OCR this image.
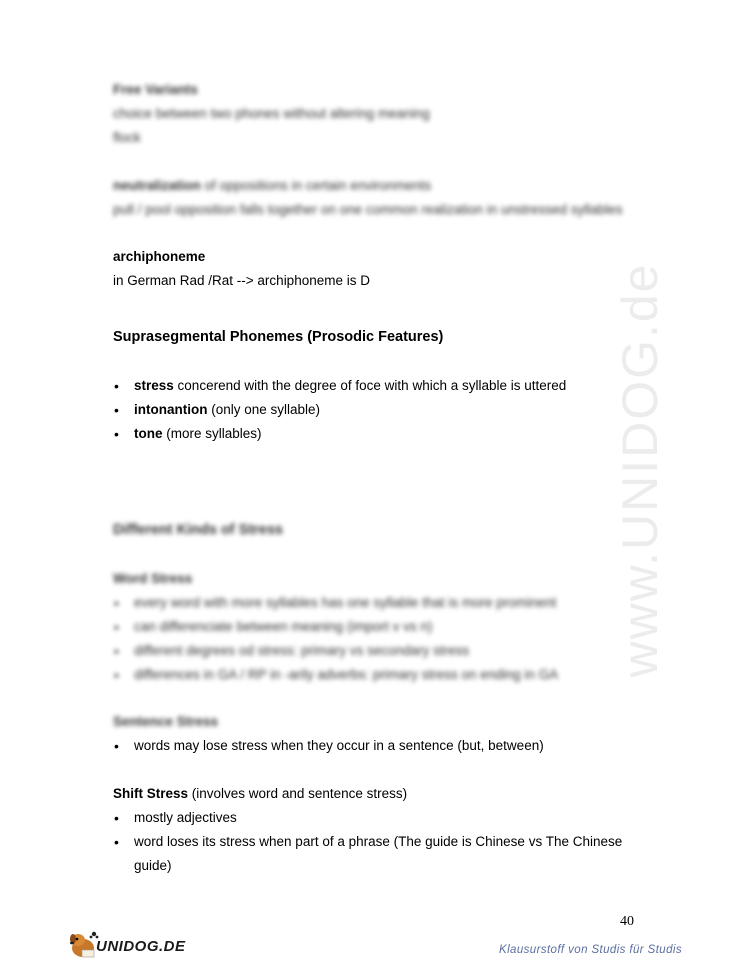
www.UNIDOG.de
Free Variants
choice between two phones without altering meaning
flock
neutralization of oppositions in certain environments
pull / pool opposition falls together on one common realization in unstressed syllables
archiphoneme
in German Rad /Rat --> archiphoneme is D
Suprasegmental Phonemes (Prosodic Features)
• stress concerend with the degree of foce with which a syllable is uttered
• intonantion (only one syllable)
• tone (more syllables)
Different Kinds of Stress
Word Stress
• every word with more syllables has one syllable that is more prominent
• can differenciate between meaning (import v vs n)
• different degrees od stress: primary vs secondary stress
• differences in GA / RP in -arily adverbs: primary stress on ending in GA
Sentence Stress
• words may lose stress when they occur in a sentence (but, between)
Shift Stress (involves word and sentence stress)
• mostly adjectives
• word loses its stress when part of a phrase (The guide is Chinese vs The Chinese guide)
40
UNIDOG.DE	Klausurstoff von Studis für Studis
